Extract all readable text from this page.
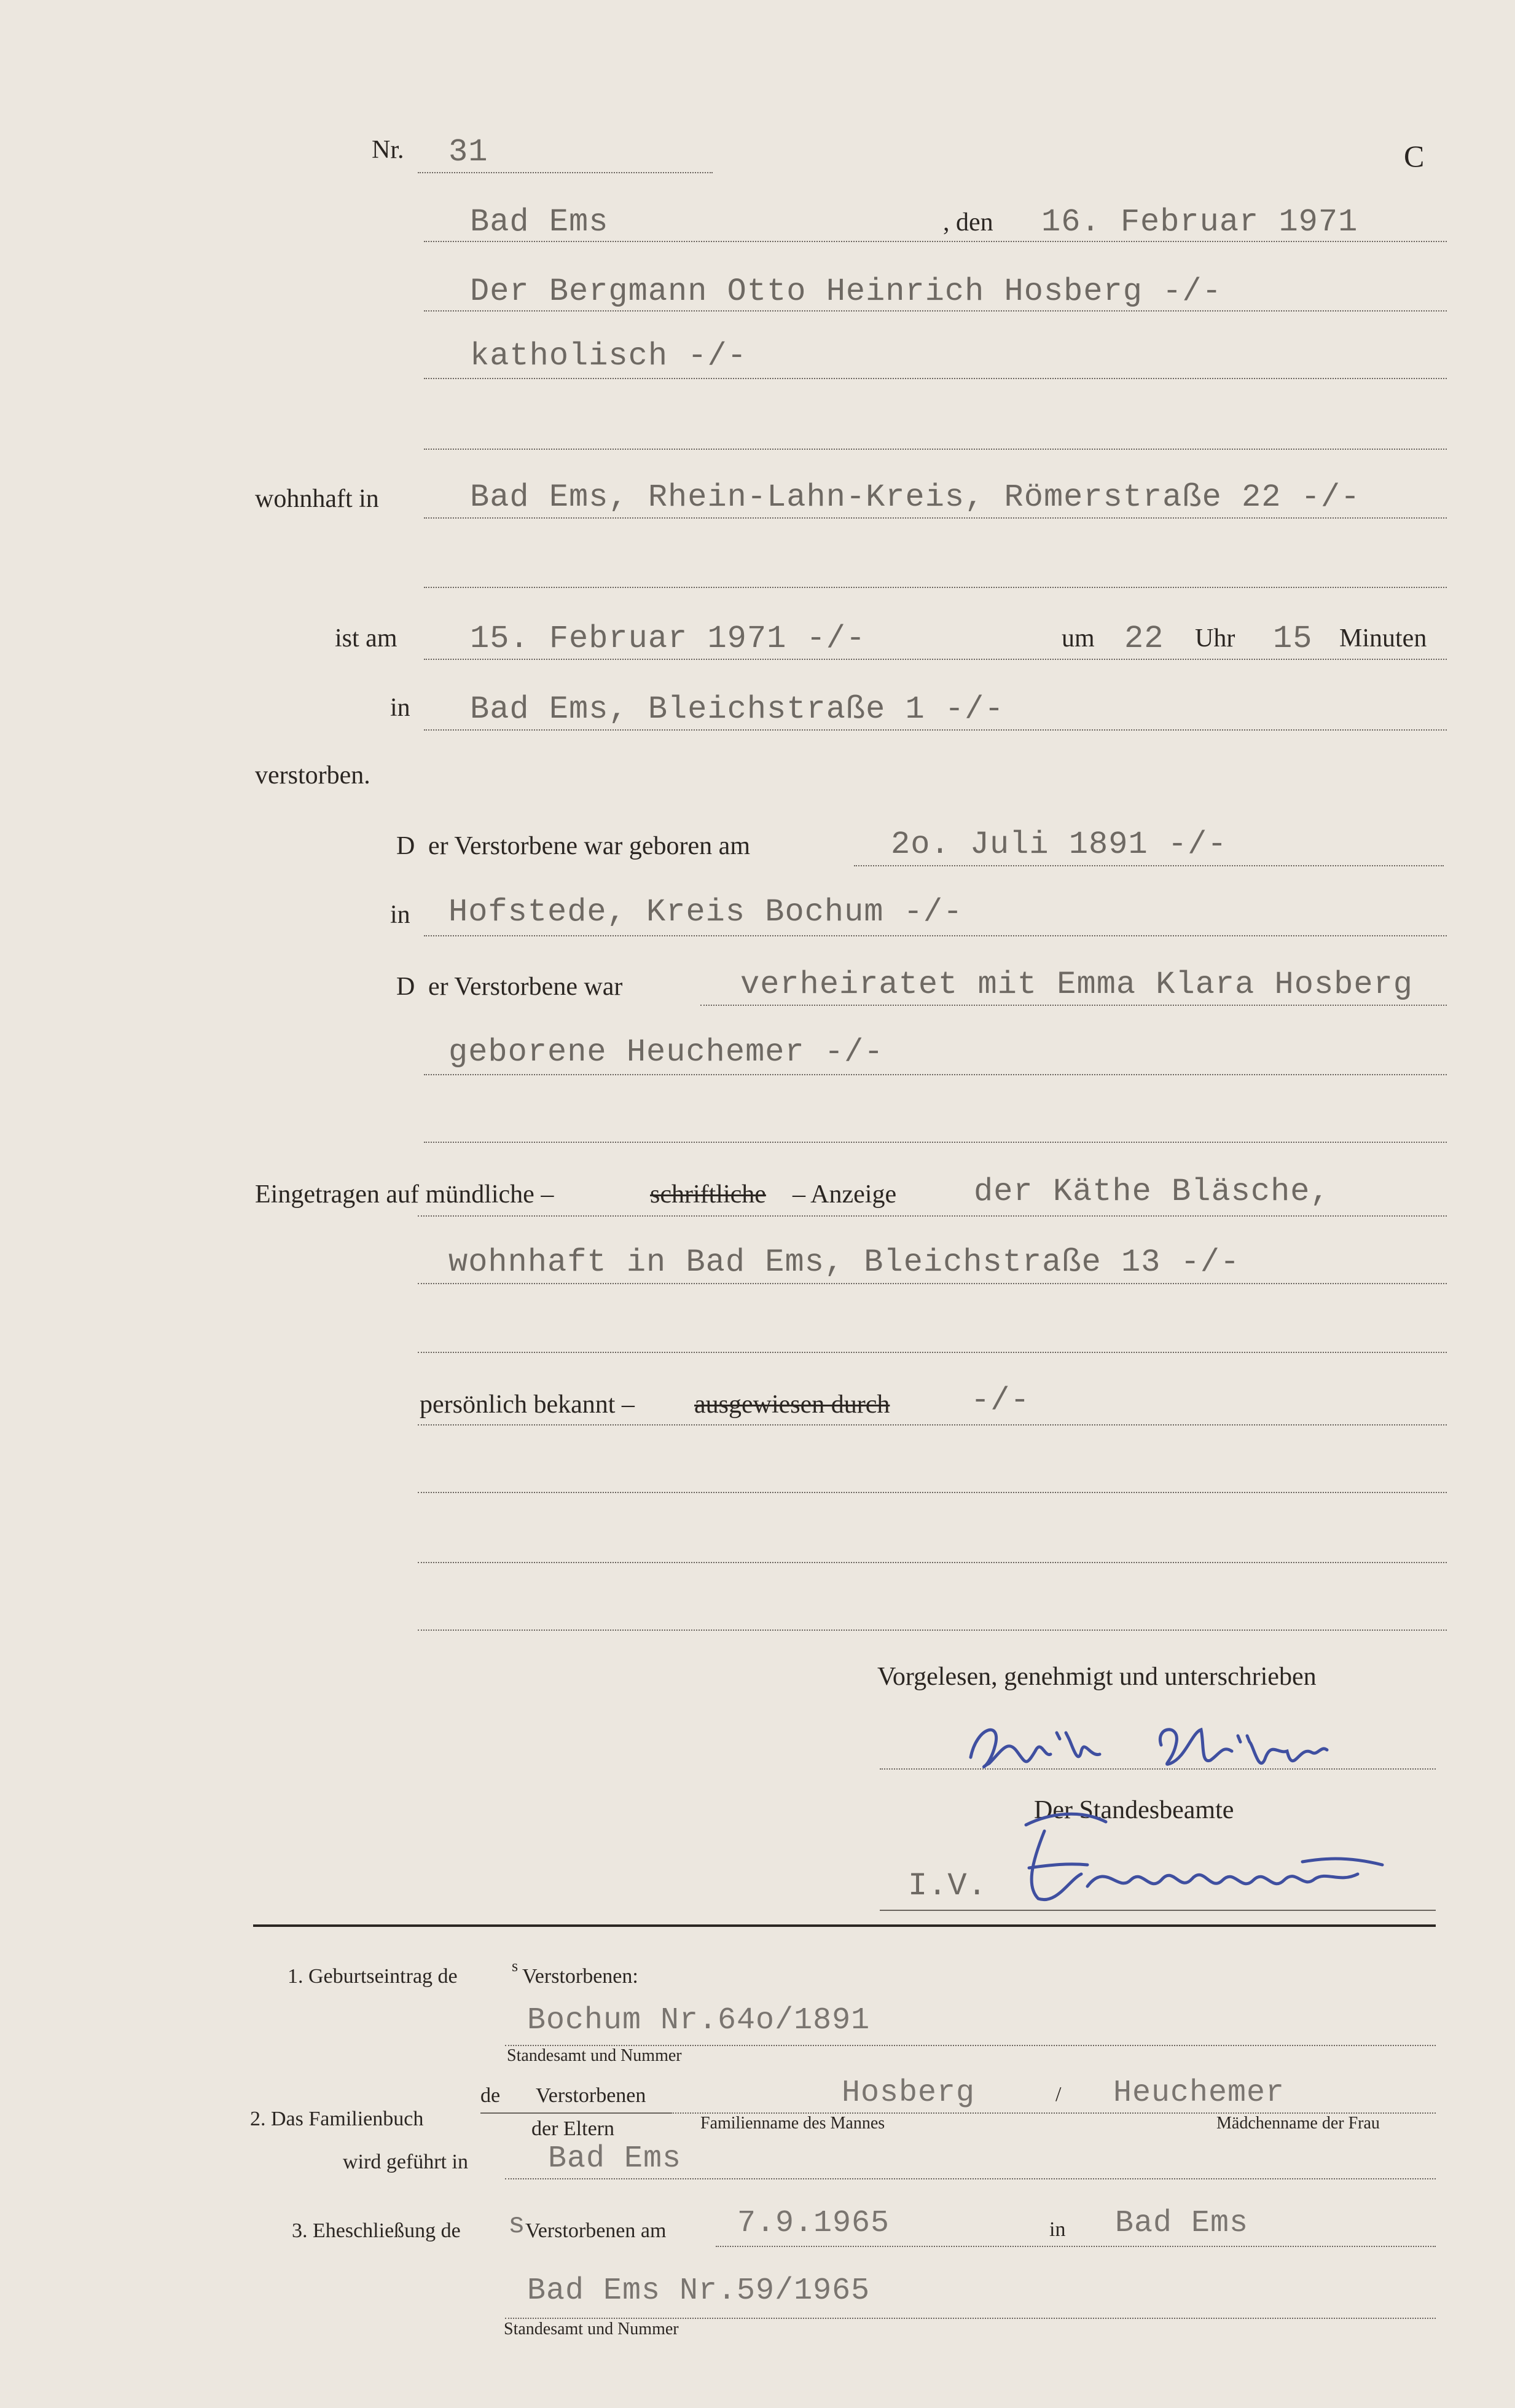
Nr. 31	C
Bad Ems	, den 16. Februar 1971
Der Bergmann Otto Heinrich Hosberg -/-
katholisch -/-
wohnhaft in	Bad Ems, Rhein-Lahn-Kreis, Römerstraße 22 -/-
ist am 15. Februar 1971 -/-	um 22 Uhr 15 Minuten
in Bad Ems, Bleichstraße 1 -/-
verstorben.
D er Verstorbene war geboren am	2o. Juli 1891 -/-
in Hofstede, Kreis Bochum -/-
D er Verstorbene war	verheiratet mit Emma Klara Hosberg
geborene Heuchemer -/-
Eingetragen auf mündliche –	schriftliche – Anzeige der Käthe Bläsche,
wohnhaft in Bad Ems, Bleichstraße 13 -/-
persönlich bekannt – ausgewiesen durch	-/-
Vorgelesen, genehmigt und unterschrieben
Der Standesbeamte
I.V.
1. Geburtseintrag de	s Verstorbenen:
Bochum Nr.64o/1891
Standesamt und Nummer
2. Das Familienbuch
de Verstorbenen
der Eltern
Hosberg	/ Heuchemer
Familienname des Mannes	Mädchenname der Frau
wird geführt in	Bad Ems
3. Eheschließung de s Verstorbenen am 7.9.1965	in Bad Ems
Bad Ems Nr.59/1965
Standesamt und Nummer
